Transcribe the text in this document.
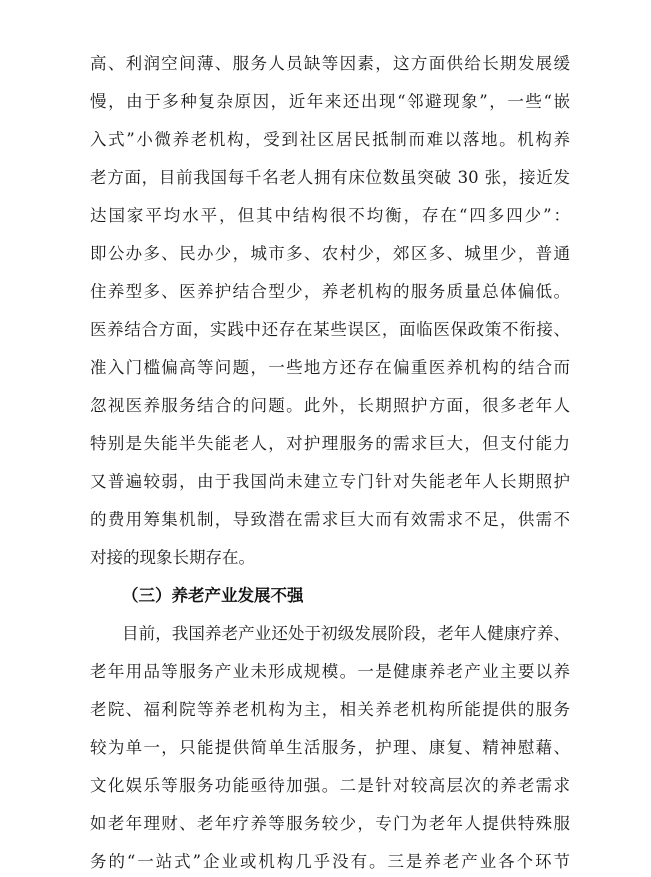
高、利润空间薄、服务人员缺等因素，这方面供给长期发展缓
慢，由于多种复杂原因，近年来还出现“邻避现象”，一些“嵌
入式”小微养老机构，受到社区居民抵制而难以落地。机构养
老方面，目前我国每千名老人拥有床位数虽突破 30 张，接近发
达国家平均水平，但其中结构很不均衡，存在“四多四少”：
即公办多、民办少，城市多、农村少，郊区多、城里少，普通
住养型多、医养护结合型少，养老机构的服务质量总体偏低。
医养结合方面，实践中还存在某些误区，面临医保政策不衔接、
准入门槛偏高等问题，一些地方还存在偏重医养机构的结合而
忽视医养服务结合的问题。此外，长期照护方面，很多老年人
特别是失能半失能老人，对护理服务的需求巨大，但支付能力
又普遍较弱，由于我国尚未建立专门针对失能老年人长期照护
的费用筹集机制，导致潜在需求巨大而有效需求不足，供需不
对接的现象长期存在。
（三）养老产业发展不强
目前，我国养老产业还处于初级发展阶段，老年人健康疗养、
老年用品等服务产业未形成规模。一是健康养老产业主要以养
老院、福利院等养老机构为主，相关养老机构所能提供的服务
较为单一，只能提供简单生活服务，护理、康复、精神慰藉、
文化娱乐等服务功能亟待加强。二是针对较高层次的养老需求
如老年理财、老年疗养等服务较少，专门为老年人提供特殊服
务的“一站式”企业或机构几乎没有。三是养老产业各个环节
